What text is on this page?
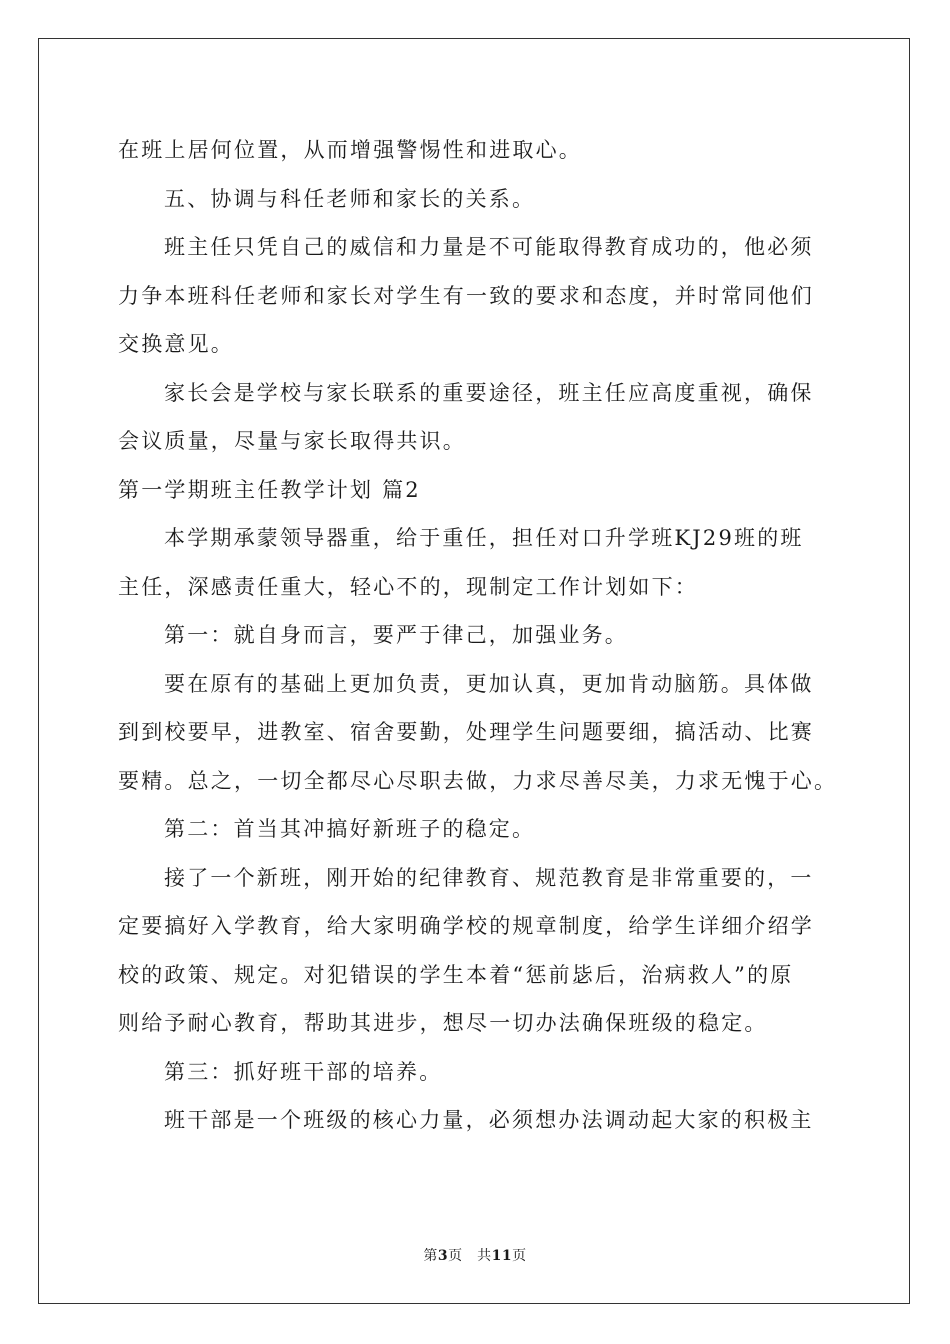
在班上居何位置，从而增强警惕性和进取心。
五、协调与科任老师和家长的关系。
班主任只凭自己的威信和力量是不可能取得教育成功的，他必须
力争本班科任老师和家长对学生有一致的要求和态度，并时常同他们
交换意见。
家长会是学校与家长联系的重要途径，班主任应高度重视，确保
会议质量，尽量与家长取得共识。
第一学期班主任教学计划 篇2
本学期承蒙领导器重，给于重任，担任对口升学班KJ29班的班
主任，深感责任重大，轻心不的，现制定工作计划如下：
第一：就自身而言，要严于律己，加强业务。
要在原有的基础上更加负责，更加认真，更加肯动脑筋。具体做
到到校要早，进教室、宿舍要勤，处理学生问题要细，搞活动、比赛
要精。总之，一切全都尽心尽职去做，力求尽善尽美，力求无愧于心。
第二：首当其冲搞好新班子的稳定。
接了一个新班，刚开始的纪律教育、规范教育是非常重要的，一
定要搞好入学教育，给大家明确学校的规章制度，给学生详细介绍学
校的政策、规定。对犯错误的学生本着“惩前毖后，治病救人”的原
则给予耐心教育，帮助其进步，想尽一切办法确保班级的稳定。
第三：抓好班干部的培养。
班干部是一个班级的核心力量，必须想办法调动起大家的积极主
第3页　共11页
